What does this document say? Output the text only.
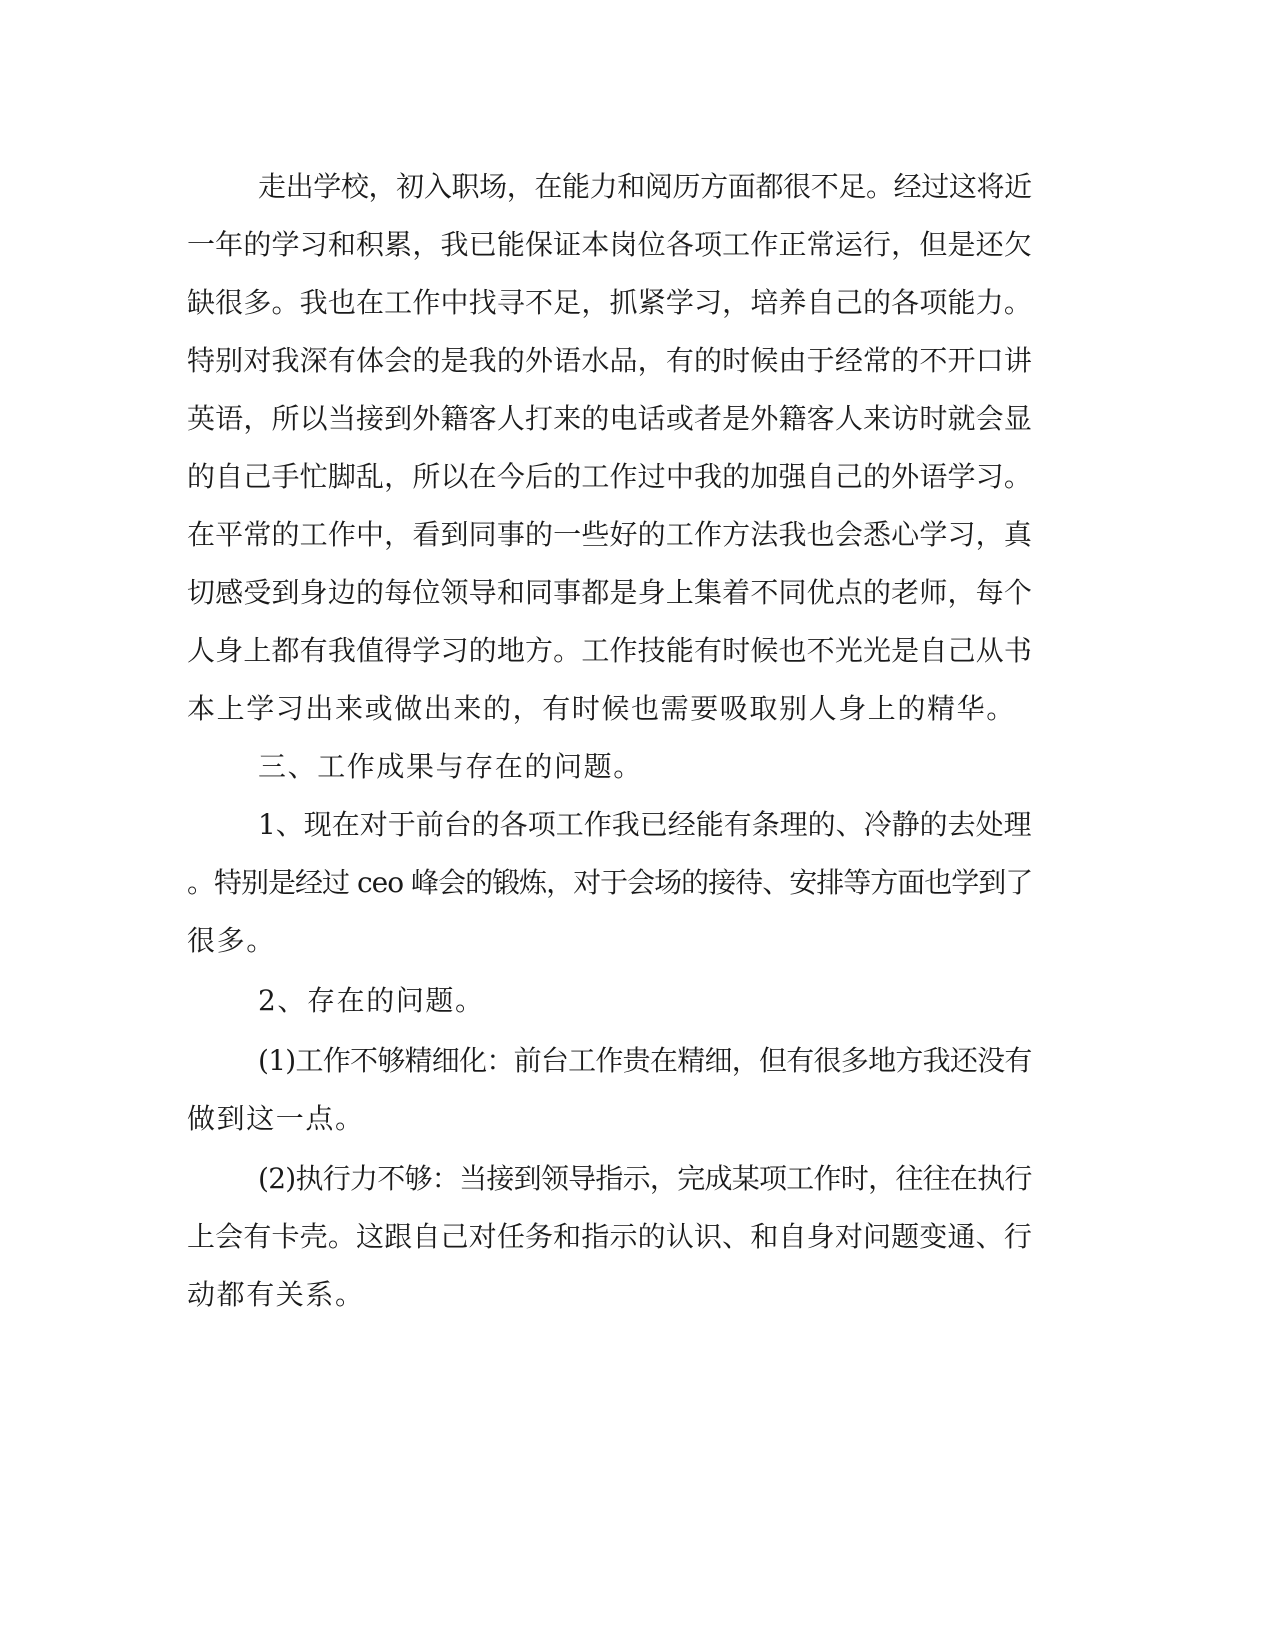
走出学校，初入职场，在能力和阅历方面都很不足。经过这将近
一年的学习和积累，我已能保证本岗位各项工作正常运行，但是还欠
缺很多。我也在工作中找寻不足，抓紧学习，培养自己的各项能力。
特别对我深有体会的是我的外语水品，有的时候由于经常的不开口讲
英语，所以当接到外籍客人打来的电话或者是外籍客人来访时就会显
的自己手忙脚乱，所以在今后的工作过中我的加强自己的外语学习。
在平常的工作中，看到同事的一些好的工作方法我也会悉心学习，真
切感受到身边的每位领导和同事都是身上集着不同优点的老师，每个
人身上都有我值得学习的地方。工作技能有时候也不光光是自己从书
本上学习出来或做出来的，有时候也需要吸取别人身上的精华。
三、工作成果与存在的问题。
1、现在对于前台的各项工作我已经能有条理的、冷静的去处理
。特别是经过 ceo 峰会的锻炼，对于会场的接待、安排等方面也学到了
很多。
2、存在的问题。
(1)工作不够精细化：前台工作贵在精细，但有很多地方我还没有
做到这一点。
(2)执行力不够：当接到领导指示，完成某项工作时，往往在执行
上会有卡壳。这跟自己对任务和指示的认识、和自身对问题变通、行
动都有关系。
